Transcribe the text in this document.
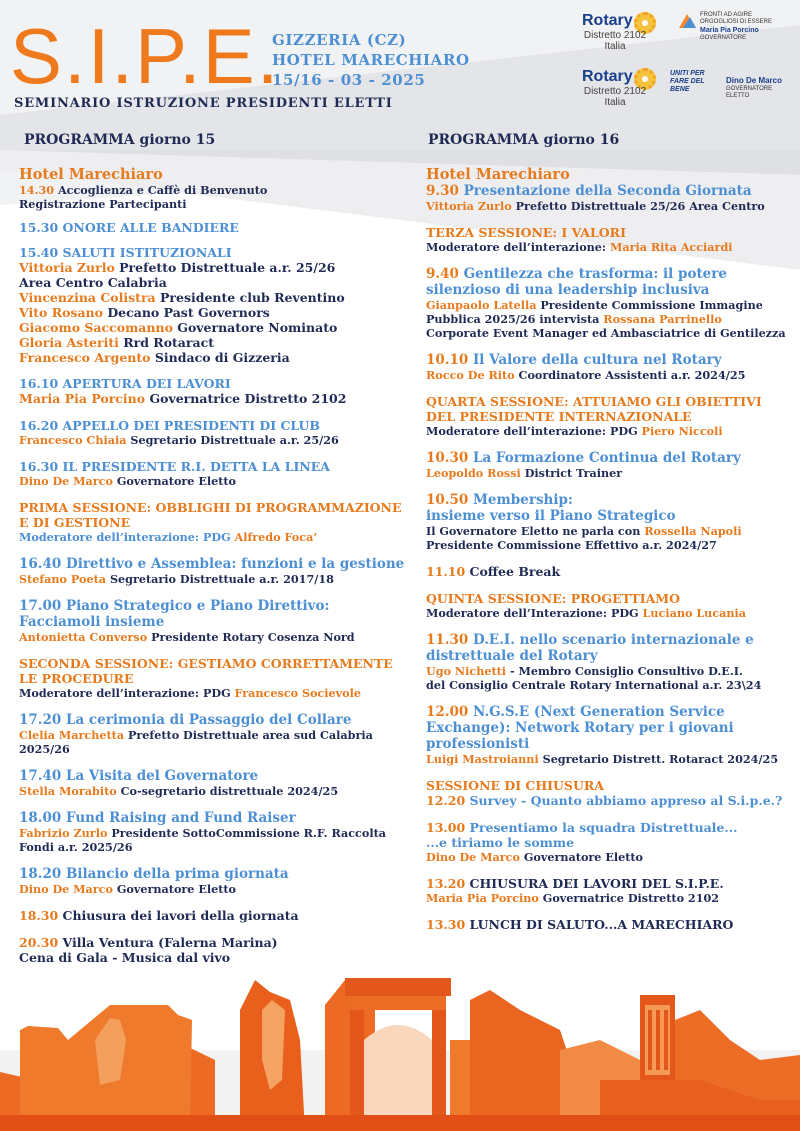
S.I.P.E.
GIZZERIA (CZ)
HOTEL MARECHIARO
15/16 - 03 - 2025
SEMINARIO ISTRUZIONE PRESIDENTI ELETTI
Rotary
Distretto 2102
Italia
FRONTI AD AGIRE
ORGOGLIOSI DI ESSERE
Maria Pia Porcino
GOVERNATORE
Rotary
Distretto 2102
Italia
UNITI PER
FARE DEL
BENE
Dino De Marco
GOVERNATORE ELETTO
PROGRAMMA giorno 15	PROGRAMMA giorno 16
Hotel Marechiaro
14.30 Accoglienza e Caffè di Benvenuto
Registrazione Partecipanti
15.30 ONORE ALLE BANDIERE
15.40 SALUTI ISTITUZIONALI
Vittoria Zurlo Prefetto Distrettuale a.r. 25/26
Area Centro Calabria
Vincenzina Colistra Presidente club Reventino
Vito Rosano Decano Past Governors
Giacomo Saccomanno Governatore Nominato
Gloria Asteriti Rrd Rotaract
Francesco Argento Sindaco di Gizzeria
16.10 APERTURA DEI LAVORI
Maria Pia Porcino Governatrice Distretto 2102
16.20 APPELLO DEI PRESIDENTI DI CLUB
Francesco Chiaia Segretario Distrettuale a.r. 25/26
16.30 IL PRESIDENTE R.I. DETTA LA LINEA
Dino De Marco Governatore Eletto
PRIMA SESSIONE: OBBLIGHI DI PROGRAMMAZIONE
E DI GESTIONE
Moderatore dell’interazione: PDG Alfredo Foca’
16.40 Direttivo e Assemblea: funzioni e la gestione
Stefano Poeta Segretario Distrettuale a.r. 2017/18
17.00 Piano Strategico e Piano Direttivo:
Facciamoli insieme
Antonietta Converso Presidente Rotary Cosenza Nord
SECONDA SESSIONE: GESTIAMO CORRETTAMENTE
LE PROCEDURE
Moderatore dell’interazione: PDG Francesco Socievole
17.20 La cerimonia di Passaggio del Collare
Clelia Marchetta Prefetto Distrettuale area sud Calabria 2025/26
17.40 La Visita del Governatore
Stella Morabito Co-segretario distrettuale 2024/25
18.00 Fund Raising and Fund Raiser
Fabrizio Zurlo Presidente SottoCommissione R.F. Raccolta
Fondi a.r. 2025/26
18.20 Bilancio della prima giornata
Dino De Marco Governatore Eletto
18.30 Chiusura dei lavori della giornata
20.30 Villa Ventura (Falerna Marina)
Cena di Gala - Musica dal vivo
Hotel Marechiaro
9.30 Presentazione della Seconda Giornata
Vittoria Zurlo Prefetto Distrettuale 25/26 Area Centro
TERZA SESSIONE: I VALORI
Moderatore dell’interazione: Maria Rita Acciardi
9.40 Gentilezza che trasforma: il potere
silenzioso di una leadership inclusiva
Gianpaolo Latella Presidente Commissione Immagine
Pubblica 2025/26 intervista Rossana Parrinello
Corporate Event Manager ed Ambasciatrice di Gentilezza
10.10 Il Valore della cultura nel Rotary
Rocco De Rito Coordinatore Assistenti a.r. 2024/25
QUARTA SESSIONE: ATTUIAMO GLI OBIETTIVI
DEL PRESIDENTE INTERNAZIONALE
Moderatore dell’interazione: PDG Piero Niccoli
10.30 La Formazione Continua del Rotary
Leopoldo Rossi District Trainer
10.50 Membership:
insieme verso il Piano Strategico
Il Governatore Eletto ne parla con Rossella Napoli
Presidente Commissione Effettivo a.r. 2024/27
11.10 Coffee Break
QUINTA SESSIONE: PROGETTIAMO
Moderatore dell’Interazione: PDG Luciano Lucania
11.30 D.E.I. nello scenario internazionale e
distrettuale del Rotary
Ugo Nichetti - Membro Consiglio Consultivo D.E.I.
del Consiglio Centrale Rotary International a.r. 23\24
12.00 N.G.S.E (Next Generation Service
Exchange): Network Rotary per i giovani
professionisti
Luigi Mastroianni Segretario Distrett. Rotaract 2024/25
SESSIONE DI CHIUSURA
12.20 Survey - Quanto abbiamo appreso al S.i.p.e.?
13.00 Presentiamo la squadra Distrettuale...
...e tiriamo le somme
Dino De Marco Governatore Eletto
13.20 CHIUSURA DEI LAVORI DEL S.I.P.E.
Maria Pia Porcino Governatrice Distretto 2102
13.30 LUNCH DI SALUTO...A MARECHIARO
